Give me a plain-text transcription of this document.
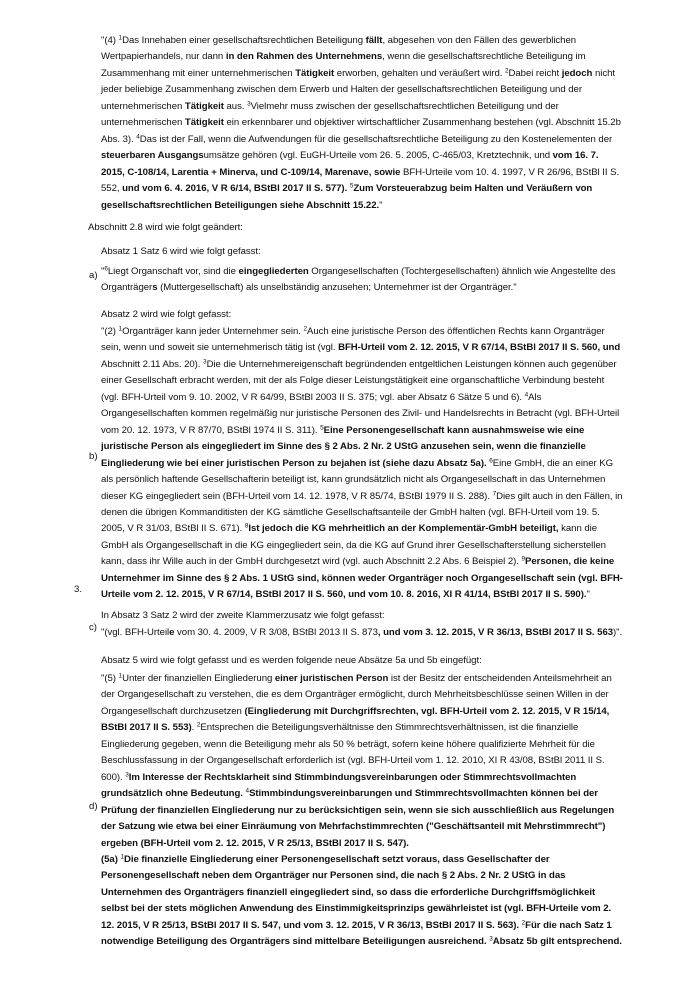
"(4) $^1$Das Innehaben einer gesellschaftsrechtlichen Beteiligung fällt, abgesehen von den Fällen des gewerblichen Wertpapierhandels, nur dann in den Rahmen des Unternehmens, wenn die gesellschaftsrechtliche Beteiligung im Zusammenhang mit einer unternehmerischen Tätigkeit erworben, gehalten und veräußert wird. $^2$Dabei reicht jedoch nicht jeder beliebige Zusammenhang zwischen dem Erwerb und Halten der gesellschaftsrechtlichen Beteiligung und der unternehmerischen Tätigkeit aus. $^3$Vielmehr muss zwischen der gesellschaftsrechtlichen Beteiligung und der unternehmerischen Tätigkeit ein erkennbarer und objektiver wirtschaftlicher Zusammenhang bestehen (vgl. Abschnitt 15.2b Abs. 3). $^4$Das ist der Fall, wenn die Aufwendungen für die gesellschaftsrechtliche Beteiligung zu den Kostenelementen der steuerbaren Ausgangsumsätze gehören (vgl. EuGH-Urteile vom 26. 5. 2005, C-465/03, Kretztechnik, und vom 16. 7. 2015, C-108/14, Larentia + Minerva, und C-109/14, Marenave, sowie BFH-Urteile vom 10. 4. 1997, V R 26/96, BStBl II S. 552, und vom 6. 4. 2016, V R 6/14, BStBl 2017 II S. 577). $^5$Zum Vorsteuerabzug beim Halten und Veräußern von gesellschaftsrechtlichen Beteiligungen siehe Abschnitt 15.22."

Abschnitt 2.8 wird wie folgt geändert:

Absatz 1 Satz 6 wird wie folgt gefasst:

"$^6$Liegt Organschaft vor, sind die eingegliederten Organgesellschaften (Tochtergesellschaften) ähnlich wie Angestellte des Organträgers (Muttergesellschaft) als unselbständig anzusehen; Unternehmer ist der Organträger."

Absatz 2 wird wie folgt gefasst:

"(2) $^1$Organträger kann jeder Unternehmer sein. $^2$Auch eine juristische Person des öffentlichen Rechts kann Organträger sein, wenn und soweit sie unternehmerisch tätig ist (vgl. BFH-Urteil vom 2. 12. 2015, V R 67/14, BStBl 2017 II S. 560, und Abschnitt 2.11 Abs. 20). $^3$Die die Unternehmereigenschaft begründenden entgeltlichen Leistungen können auch gegenüber einer Gesellschaft erbracht werden, mit der als Folge dieser Leistungstätigkeit eine organschaftliche Verbindung besteht (vgl. BFH-Urteil vom 9. 10. 2002, V R 64/99, BStBl 2003 II S. 375; vgl. aber Absatz 6 Sätze 5 und 6). $^4$Als Organgesellschaften kommen regelmäßig nur juristische Personen des Zivil- und Handelsrechts in Betracht (vgl. BFH-Urteil vom 20. 12. 1973, V R 87/70, BStBl 1974 II S. 311). $^5$Eine Personengesellschaft kann ausnahmsweise wie eine juristische Person als eingegliedert im Sinne des § 2 Abs. 2 Nr. 2 UStG anzusehen sein, wenn die finanzielle Eingliederung wie bei einer juristischen Person zu bejahen ist (siehe dazu Absatz 5a). $^6$Eine GmbH, die an einer KG als persönlich haftende Gesellschafterin beteiligt ist, kann grundsätzlich nicht als Organgesellschaft in das Unternehmen dieser KG eingegliedert sein (BFH-Urteil vom 14. 12. 1978, V R 85/74, BStBl 1979 II S. 288). $^7$Dies gilt auch in den Fällen, in denen die übrigen Kommanditisten der KG sämtliche Gesellschaftsanteile der GmbH halten (vgl. BFH-Urteil vom 19. 5. 2005, V R 31/03, BStBl II S. 671). $^8$Ist jedoch die KG mehrheitlich an der Komplementär-GmbH beteiligt, kann die GmbH als Organgesellschaft in die KG eingegliedert sein, da die KG auf Grund ihrer Gesellschafterstellung sicherstellen kann, dass ihr Wille auch in der GmbH durchgesetzt wird (vgl. auch Abschnitt 2.2 Abs. 6 Beispiel 2). $^9$Personen, die keine Unternehmer im Sinne des § 2 Abs. 1 UStG sind, können weder Organträger noch Organgesellschaft sein (vgl. BFH-Urteile vom 2. 12. 2015, V R 67/14, BStBl 2017 II S. 560, und vom 10. 8. 2016, XI R 41/14, BStBl 2017 II S. 590)."

In Absatz 3 Satz 2 wird der zweite Klammerzusatz wie folgt gefasst:

"(vgl. BFH-Urteile vom 30. 4. 2009, V R 3/08, BStBl 2013 II S. 873, und vom 3. 12. 2015, V R 36/13, BStBl 2017 II S. 563)".

Absatz 5 wird wie folgt gefasst und es werden folgende neue Absätze 5a und 5b eingefügt:

"(5) $^1$Unter der finanziellen Eingliederung einer juristischen Person ist der Besitz der entscheidenden Anteilsmehrheit an der Organgesellschaft zu verstehen, die es dem Organträger ermöglicht, durch Mehrheitsbeschlüsse seinen Willen in der Organgesellschaft durchzusetzen (Eingliederung mit Durchgriffsrechten, vgl. BFH-Urteil vom 2. 12. 2015, V R 15/14, BStBl 2017 II S. 553). $^2$Entsprechen die Beteiligungsverhältnisse den Stimmrechtsverhältnissen, ist die finanzielle Eingliederung gegeben, wenn die Beteiligung mehr als 50 % beträgt, sofern keine höhere qualifizierte Mehrheit für die Beschlussfassung in der Organgesellschaft erforderlich ist (vgl. BFH-Urteil vom 1. 12. 2010, XI R 43/08, BStBl 2011 II S. 600). $^3$Im Interesse der Rechtsklarheit sind Stimmbindungsvereinbarungen oder Stimmrechtsvollmachten grundsätzlich ohne Bedeutung. $^4$Stimmbindungsvereinbarungen und Stimmrechtsvollmachten können bei der Prüfung der finanziellen Eingliederung nur zu berücksichtigen sein, wenn sie sich ausschließlich aus Regelungen der Satzung wie etwa bei einer Einräumung von Mehrfachstimmrechten ("Geschäftsanteil mit Mehrstimmrecht") ergeben (BFH-Urteil vom 2. 12. 2015, V R 25/13, BStBl 2017 II S. 547).

(5a) $^1$Die finanzielle Eingliederung einer Personengesellschaft setzt voraus, dass Gesellschafter der Personengesellschaft neben dem Organträger nur Personen sind, die nach § 2 Abs. 2 Nr. 2 UStG in das Unternehmen des Organträgers finanziell eingegliedert sind, so dass die erforderliche Durchgriffsmöglichkeit selbst bei der stets möglichen Anwendung des Einstimmigkeitsprinzips gewährleistet ist (vgl. BFH-Urteile vom 2. 12. 2015, V R 25/13, BStBl 2017 II S. 547, und vom 3. 12. 2015, V R 36/13, BStBl 2017 II S. 563). $^2$Für die nach Satz 1 notwendige Beteiligung des Organträgers sind mittelbare Beteiligungen ausreichend. $^3$Absatz 5b gilt entsprechend.

3.
a)
b)
c)
d)
